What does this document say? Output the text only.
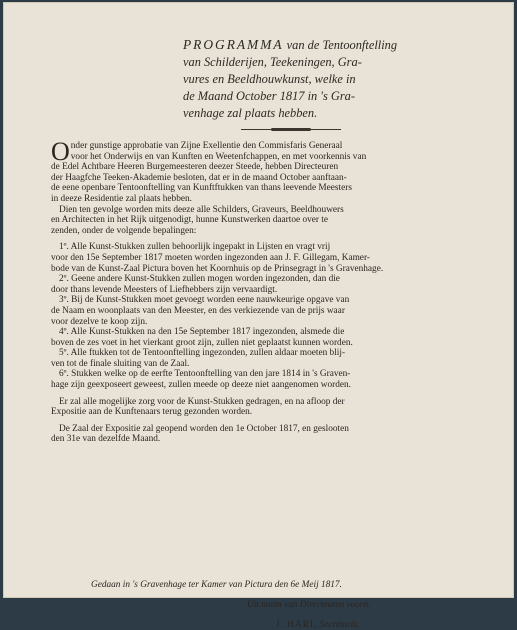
PROGRAMMA van de Tentoonftelling
van Schilderijen, Teekeningen, Gra-
vures en Beeldhouwkunst, welke in
de Maand October 1817 in 's Gra-
venhage zal plaats hebben.
O nder gunstige approbatie van Zijne Exellentie den Commisfaris Generaal

voor het Onderwijs en van Kunften en Weetenfchappen, en met voorkennis van

de Edel Achtbare Heeren Burgemeesteren deezer Steede, hebben Directeuren

der Haagfche Teeken-Akademie besloten, dat er in de maand October aanftaan-

de eene openbare Tentoonftelling van Kunftftukken van thans leevende Meesters

in deeze Residentie zal plaats hebben.

Dien ten gevolge worden mits deeze alle Schilders, Graveurs, Beeldhouwers

en Architecten in het Rijk uitgenodigt, hunne Kunstwerken daartoe over te

zenden, onder de volgende bepalingen:

1º. Alle Kunst-Stukken zullen behoorlijk ingepakt in Lijsten en vragt vrij

voor den 15e September 1817 moeten worden ingezonden aan J. F. Gillegam, Kamer-

bode van de Kunst-Zaal Pictura boven het Koornhuis op de Prinsegragt in 's Gravenhage.

2º. Geene andere Kunst-Stukken zullen mogen worden ingezonden, dan die

door thans levende Meesters of Liefhebbers zijn vervaardigt.

3º. Bij de Kunst-Stukken moet gevoegt worden eene nauwkeurige opgave van

de Naam en woonplaats van den Meester, en des verkiezende van de prijs waar

voor dezelve te koop zijn.

4º. Alle Kunst-Stukken na den 15e September 1817 ingezonden, alsmede die

boven de zes voet in het vierkant groot zijn, zullen niet geplaatst kunnen worden.

5º. Alle ftukken tot de Tentoonftelling ingezonden, zullen aldaar moeten blij-

ven tot de finale sluiting van de Zaal.

6º. Stukken welke op de eerfte Tentoonftelling van den jare 1814 in 's Graven-

hage zijn geexposeert geweest, zullen meede op deeze niet aangenomen worden.

Er zal alle mogelijke zorg voor de Kunst-Stukken gedragen, en na afloop der

Expositie aan de Kunftenaars terug gezonden worden.

De Zaal der Expositie zal geopend worden den 1e October 1817, en geslooten

den 31e van dezelfde Maand.

Gedaan in 's Gravenhage ter Kamer van Pictura den 6e Meij 1817.
Uit naam van Directeuren voorn.
J. HARI, Secretaris.
